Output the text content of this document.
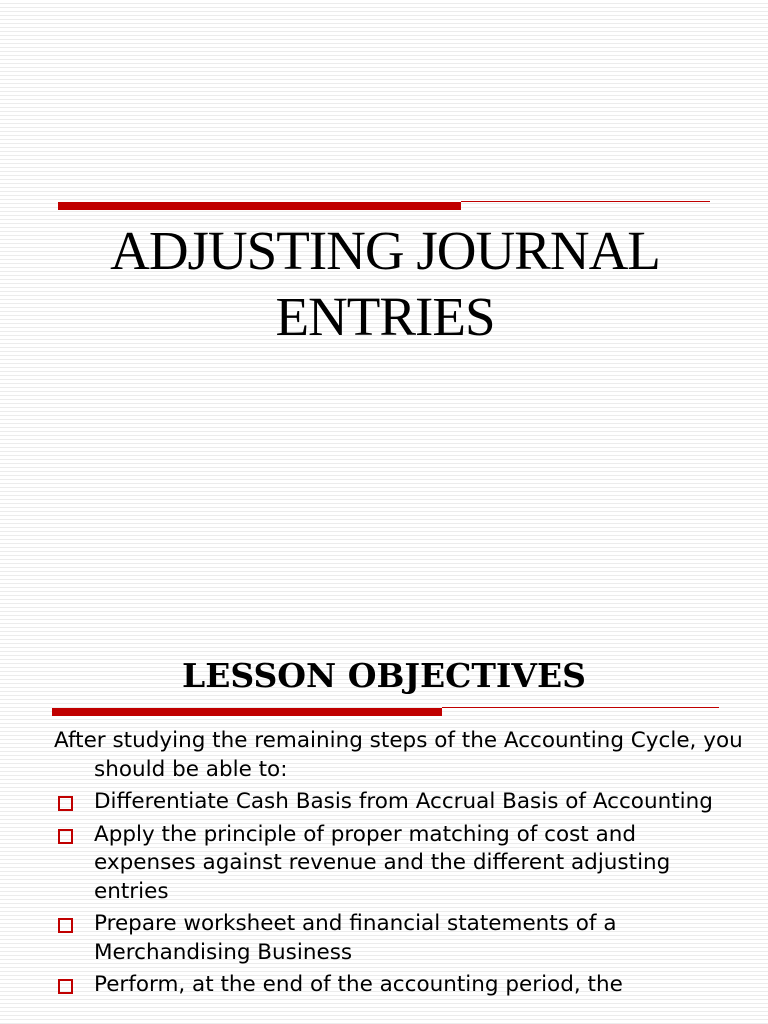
ADJUSTING JOURNAL ENTRIES
LESSON OBJECTIVES

After studying the remaining steps of the Accounting Cycle, you should be able to:

Differentiate Cash Basis from Accrual Basis of Accounting
Apply the principle of proper matching of cost and expenses against revenue and the different adjusting entries
Prepare worksheet and financial statements of a Merchandising Business
Perform, at the end of the accounting period, the
